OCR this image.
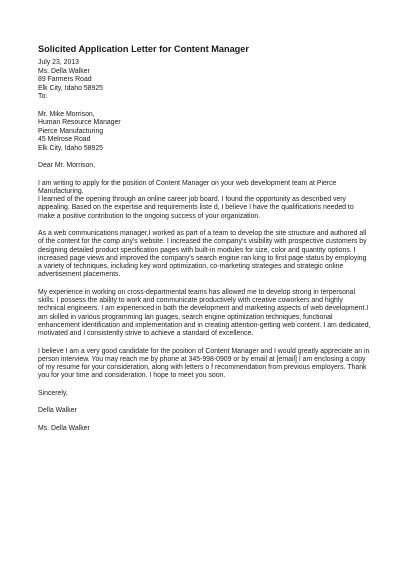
Solicited Application Letter for Content Manager
July 23, 2013
Ms. Della Walker
89 Farmers Road
Elk City, Idaho 58925
To:
Mr. Mike Morrison,
Human Resource Manager
Pierce Manufacturing
45 Melrose Road
Elk City, Idaho 58925
Dear Mr. Morrison,
I am writing to apply for the position of Content Manager on your web development team at Pierce
Manufacturing.
I learned of the opening through an online career job board. I found the opportunity as described very
appealing. Based on the expertise and requirements liste d, I believe I have the qualifications needed to
make a positive contribution to the ongoing success of your organization.
As a web communications manager,I worked as part of a team to develop the site structure and authored all
of the content for the comp any's website. I increased the company's visibility with prospective customers by
designing detailed product specification pages with built-in modules for size, color and quantity options. I
increased page views and improved the company's search engine ran king to first page status by employing
a variety of techniques, including key word optimization, co-marketing strategies and strategic online
advertisement placements.
My experience in working on cross-departmental teams has allowed me to develop strong in terpersonal
skills. I possess the ability to work and communicate productively with creative coworkers and highly
technical engineers. I am experienced in both the development and marketing aspects of web development.I
am skilled in various programming lan guages, search engine optimization techniques, functional
enhancement identification and implementation and in creating attention-getting web content. I am dedicated,
motivated and I consistently strive to achieve a standard of excellence.
I believe I am a very good candidate for the position of Content Manager and I would greatly appreciate an in
person interview. You may reach me by phone at 345-998-0909 or by email at [email] I am enclosing a copy
of my resume for your consideration, along with letters o f recommendation from previous employers. Thank
you for your time and consideration. I hope to meet you soon.
Sincerely,
Della Walker
Ms. Della Walker
